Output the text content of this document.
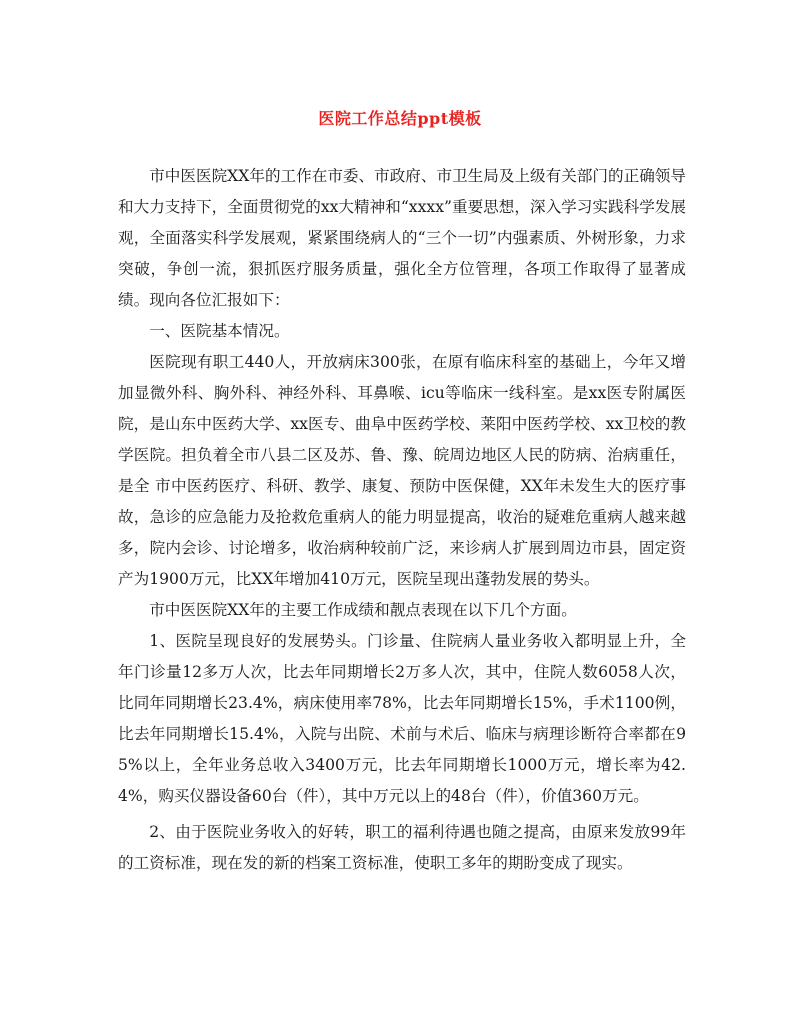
医院工作总结ppt模板

市中医医院XX年的工作在市委、市政府、市卫生局及上级有关部门的正确领导和大力支持下，全面贯彻党的xx大精神和“xxxx”重要思想，深入学习实践科学发展观，全面落实科学发展观，紧紧围绕病人的“三个一切”内强素质、外树形象，力求突破，争创一流，狠抓医疗服务质量，强化全方位管理，各项工作取得了显著成绩。现向各位汇报如下：

一、医院基本情况。

医院现有职工440人，开放病床300张，在原有临床科室的基础上，今年又增加显微外科、胸外科、神经外科、耳鼻喉、icu等临床一线科室。是xx医专附属医院，是山东中医药大学、xx医专、曲阜中医药学校、莱阳中医药学校、xx卫校的教学医院。担负着全市八县二区及苏、鲁、豫、皖周边地区人民的防病、治病重任，是全 市中医药医疗、科研、教学、康复、预防中医保健，XX年未发生大的医疗事故，急诊的应急能力及抢救危重病人的能力明显提高，收治的疑难危重病人越来越多，院内会诊、讨论增多，收治病种较前广泛，来诊病人扩展到周边市县，固定资产为1900万元，比XX年增加410万元，医院呈现出蓬勃发展的势头。

市中医医院XX年的主要工作成绩和靓点表现在以下几个方面。

1、医院呈现良好的发展势头。门诊量、住院病人量业务收入都明显上升，全年门诊量12多万人次，比去年同期增长2万多人次，其中，住院人数6058人次，比同年同期增长23.4%，病床使用率78%，比去年同期增长15%，手术1100例，比去年同期增长15.4%，入院与出院、术前与术后、临床与病理诊断符合率都在95%以上，全年业务总收入3400万元，比去年同期增长1000万元，增长率为42.4%，购买仪器设备60台（件），其中万元以上的48台（件），价值360万元。

2、由于医院业务收入的好转，职工的福利待遇也随之提高，由原来发放99年的工资标准，现在发的新的档案工资标准，使职工多年的期盼变成了现实。
